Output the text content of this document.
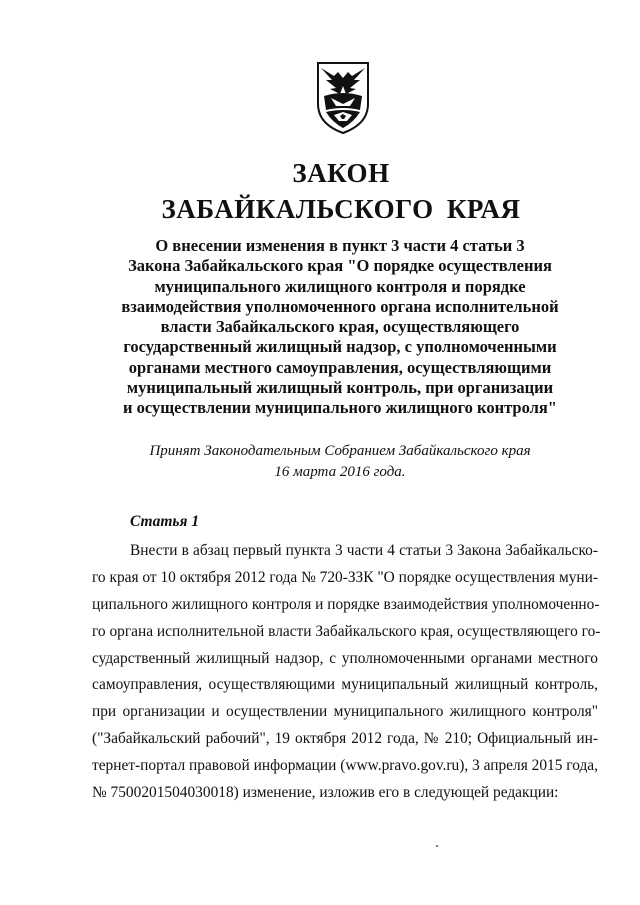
ЗАКОН
ЗАБАЙКАЛЬСКОГО КРАЯ
О внесении изменения в пункт 3 части 4 статьи 3
Закона Забайкальского края "О порядке осуществления
муниципального жилищного контроля и порядке
взаимодействия уполномоченного органа исполнительной
власти Забайкальского края, осуществляющего
государственный жилищный надзор, с уполномоченными
органами местного самоуправления, осуществляющими
муниципальный жилищный контроль, при организации
и осуществлении муниципального жилищного контроля"
Принят Законодательным Собранием Забайкальского края
16 марта 2016 года.
Статья 1
Внести в абзац первый пункта 3 части 4 статьи 3 Закона Забайкальско-
го края от 10 октября 2012 года № 720-ЗЗК "О порядке осуществления муни-
ципального жилищного контроля и порядке взаимодействия уполномоченно-
го органа исполнительной власти Забайкальского края, осуществляющего го-
сударственный жилищный надзор, с уполномоченными органами местного
самоуправления, осуществляющими муниципальный жилищный контроль,
при организации и осуществлении муниципального жилищного контроля"
("Забайкальский рабочий", 19 октября 2012 года, № 210; Официальный ин-
тернет-портал правовой информации (www.pravo.gov.ru), 3 апреля 2015 года,
№ 7500201504030018) изменение, изложив его в следующей редакции:
